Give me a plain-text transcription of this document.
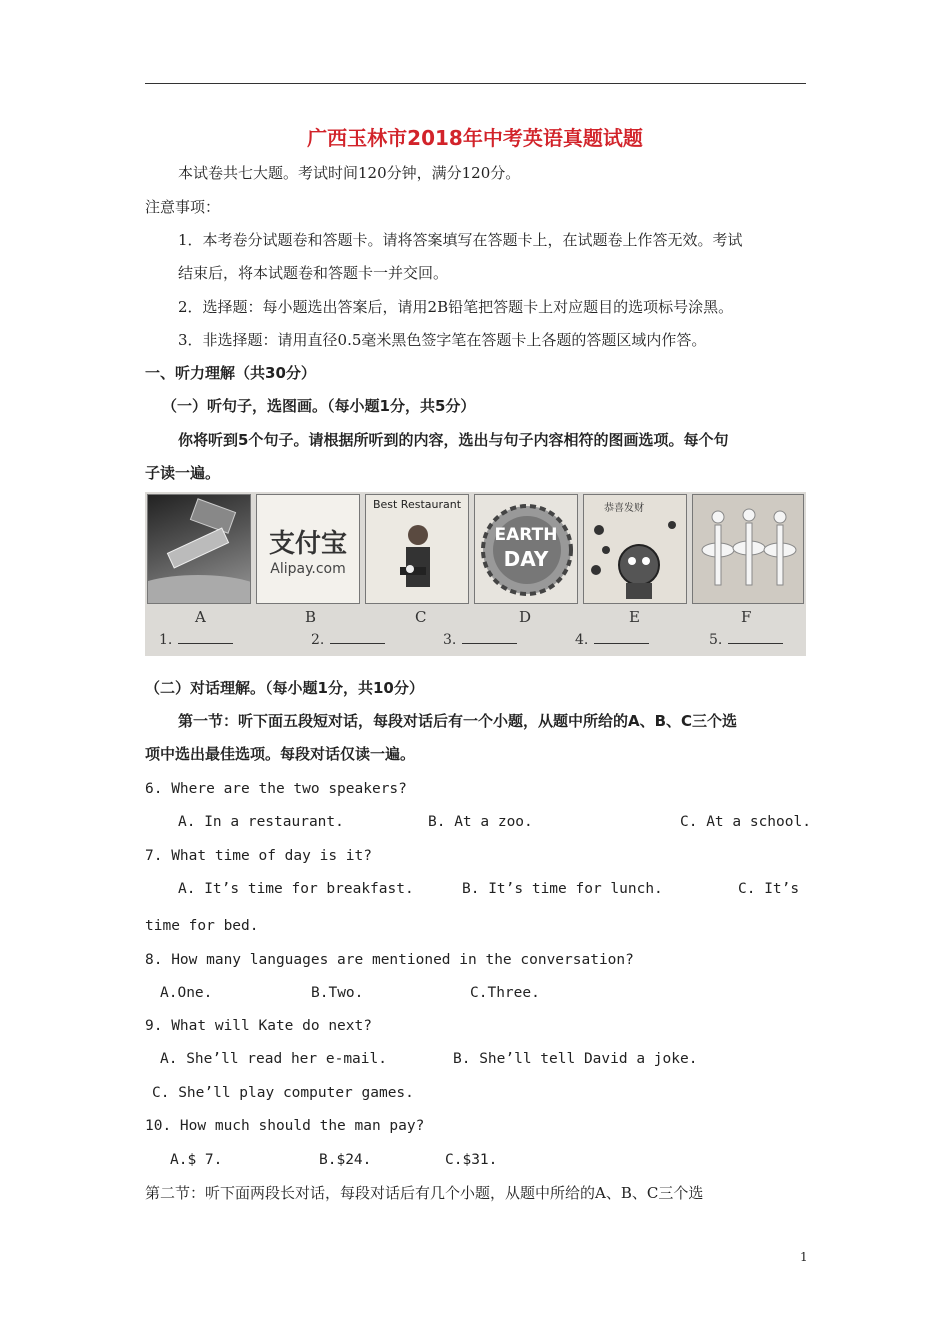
广西玉林市2018年中考英语真题试题
本试卷共七大题。考试时间120分钟，满分120分。
注意事项：
1．本考卷分试题卷和答题卡。请将答案填写在答题卡上，在试题卷上作答无效。考试
结束后，将本试题卷和答题卡一并交回。
2．选择题：每小题选出答案后，请用2B铅笔把答题卡上对应题目的选项标号涂黑。
3．非选择题：请用直径0.5毫米黑色签字笔在答题卡上各题的答题区域内作答。
一、听力理解（共30分）
（一）听句子，选图画。（每小题1分，共5分）
你将听到5个句子。请根据所听到的内容，选出与句子内容相符的图画选项。每个句
子读一遍。
支付宝
Alipay.com
Best Restaurant
EARTH
DAY
恭喜发财
A	B	C	D	E	F
1.	2.	3.	4.	5.
（二）对话理解。（每小题1分，共10分）
第一节：听下面五段短对话，每段对话后有一个小题，从题中所给的A、B、C三个选
项中选出最佳选项。每段对话仅读一遍。
6. Where are the two speakers?
A. In a restaurant.	B. At a zoo.	C. At a school.
7. What time of day is it?
A. It’s time for breakfast.	B. It’s time for lunch.	C. It’s
time for bed.
8. How many languages are mentioned in the conversation?
A.One.	B.Two.	C.Three.
9. What will Kate do next?
A. She’ll read her e-mail.	B. She’ll tell David a joke.
C. She’ll play computer games.
10. How much should the man pay?
A.$ 7.	B.$24.	C.$31.
第二节：听下面两段长对话，每段对话后有几个小题，从题中所给的A、B、C三个选
1
